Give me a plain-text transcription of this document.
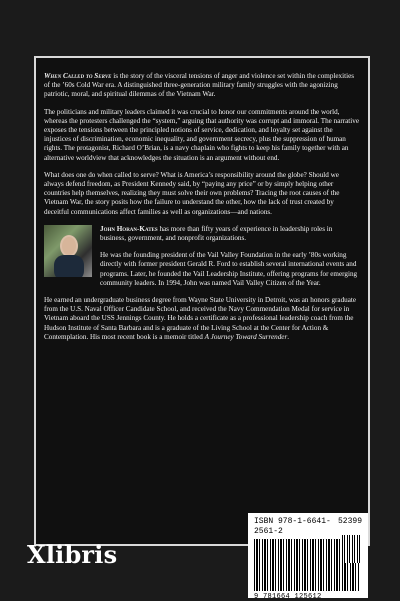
When Called to Serve is the story of the visceral tensions of anger and violence set within the complexities of the ’60s Cold War era. A distinguished three-generation military family struggles with the agonizing patriotic, moral, and spiritual dilemmas of the Vietnam War.

The politicians and military leaders claimed it was crucial to honor our commitments around the world, whereas the protesters challenged the “system,” arguing that authority was corrupt and immoral. The narrative exposes the tensions between the principled notions of service, dedication, and loyalty set against the injustices of discrimination, economic inequality, and government secrecy, plus the suppression of human rights. The protagonist, Richard O’Brian, is a navy chaplain who fights to keep his family together with an alternative worldview that acknowledges the situation is an argument without end.

What does one do when called to serve? What is America’s responsibility around the globe? Should we always defend freedom, as President Kennedy said, by “paying any price” or by simply helping other countries help themselves, realizing they must solve their own problems? Tracing the root causes of the Vietnam War, the story posits how the failure to understand the other, how the lack of trust created by deceitful communications affect families as well as organizations—and nations.

John Horan-Kates has more than fifty years of experience in leadership roles in business, government, and nonprofit organizations.

He was the founding president of the Vail Valley Foundation in the early ’80s working directly with former president Gerald R. Ford to establish several international events and programs. Later, he founded the Vail Leadership Institute, offering programs for emerging community leaders. In 1994, John was named Vail Valley Citizen of the Year.

He earned an undergraduate business degree from Wayne State University in Detroit, was an honors graduate from the U.S. Naval Officer Candidate School, and received the Navy Commendation Medal for service in Vietnam aboard the USS Jennings County. He holds a certificate as a professional leadership coach from the Hudson Institute of Santa Barbara and is a graduate of the Living School at the Center for Action & Contemplation. His most recent book is a memoir titled A Journey Toward Surrender.

Xlibris
ISBN 978-1-6641-2561-2
52399
9 781664 125612
